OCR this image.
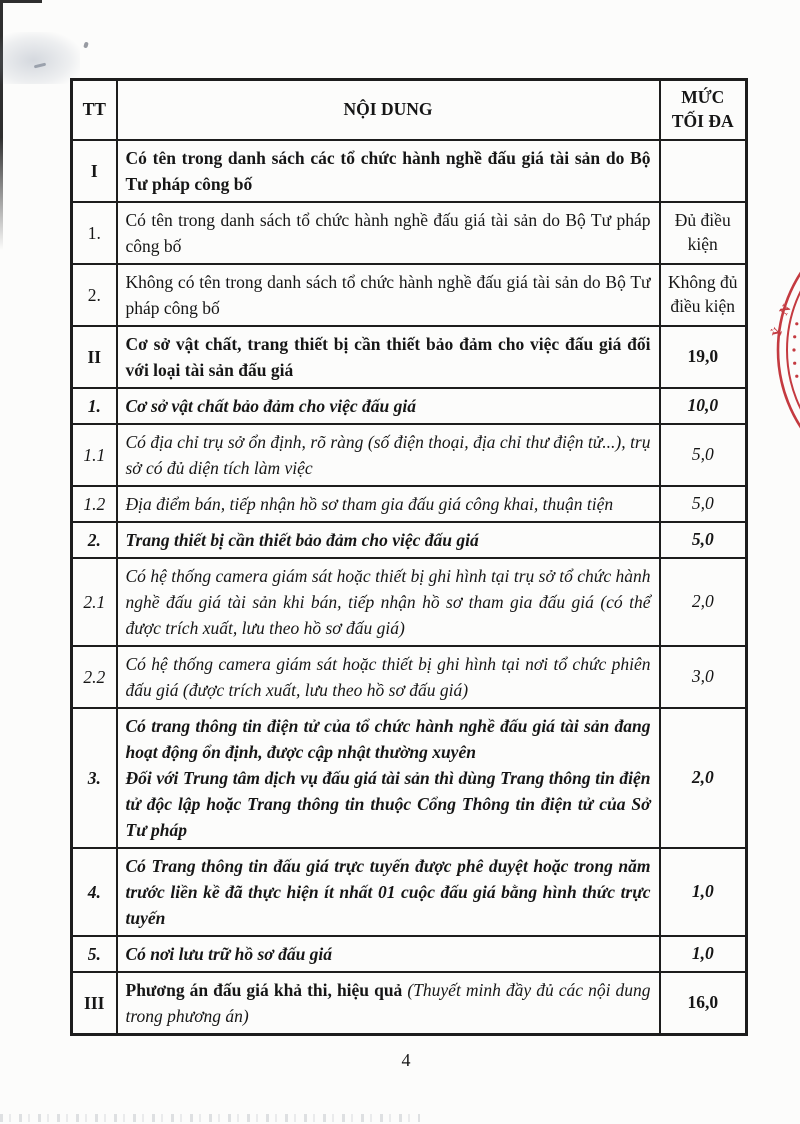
TT	NỘI DUNG	MỨC TỐI ĐA
I	Có tên trong danh sách các tổ chức hành nghề đấu giá tài sản do Bộ Tư pháp công bố	

1.	Có tên trong danh sách tổ chức hành nghề đấu giá tài sản do Bộ Tư pháp công bố	Đủ điều kiện
2.	Không có tên trong danh sách tổ chức hành nghề đấu giá tài sản do Bộ Tư pháp công bố	Không đủ điều kiện
II	Cơ sở vật chất, trang thiết bị cần thiết bảo đảm cho việc đấu giá đối với loại tài sản đấu giá	19,0
1.	Cơ sở vật chất bảo đảm cho việc đấu giá	10,0
1.1	Có địa chỉ trụ sở ổn định, rõ ràng (số điện thoại, địa chỉ thư điện tử...), trụ sở có đủ diện tích làm việc	5,0
1.2	Địa điểm bán, tiếp nhận hồ sơ tham gia đấu giá công khai, thuận tiện	5,0
2.	Trang thiết bị cần thiết bảo đảm cho việc đấu giá	5,0
2.1	Có hệ thống camera giám sát hoặc thiết bị ghi hình tại trụ sở tổ chức hành nghề đấu giá tài sản khi bán, tiếp nhận hồ sơ tham gia đấu giá (có thể được trích xuất, lưu theo hồ sơ đấu giá)	2,0
2.2	Có hệ thống camera giám sát hoặc thiết bị ghi hình tại nơi tổ chức phiên đấu giá (được trích xuất, lưu theo hồ sơ đấu giá)	3,0
3.	Có trang thông tin điện tử của tổ chức hành nghề đấu giá tài sản đang hoạt động ổn định, được cập nhật thường xuyên

Đối với Trung tâm dịch vụ đấu giá tài sản thì dùng Trang thông tin điện tử độc lập hoặc Trang thông tin thuộc Cổng Thông tin điện tử của Sở Tư pháp	2,0
4.	Có Trang thông tin đấu giá trực tuyến được phê duyệt hoặc trong năm trước liền kề đã thực hiện ít nhất 01 cuộc đấu giá bằng hình thức trực tuyến	1,0
5.	Có nơi lưu trữ hồ sơ đấu giá	1,0
III	Phương án đấu giá khả thi, hiệu quả (Thuyết minh đầy đủ các nội dung trong phương án)	16,0
N
Ỷ
4
